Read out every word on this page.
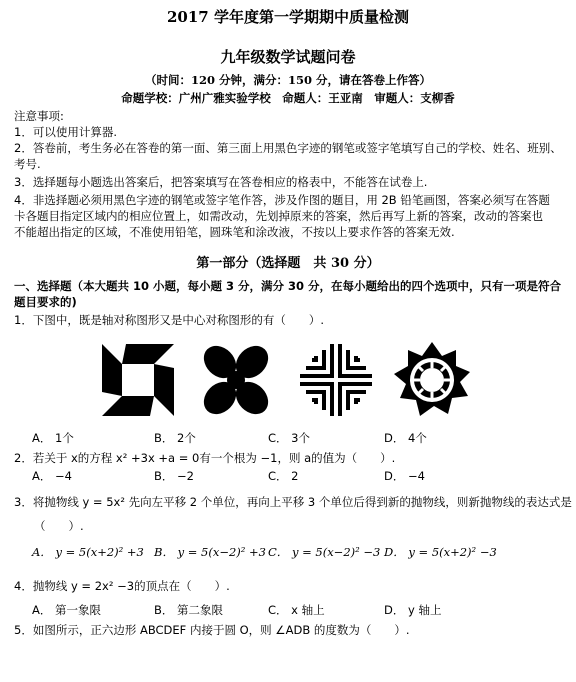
2017 学年度第一学期期中质量检测
九年级数学试题问卷
（时间：120 分钟，满分：150 分，请在答卷上作答）
命题学校：广州广雅实验学校　命题人：王亚南　审题人：支柳香
注意事项:
1．可以使用计算器.
2．答卷前，考生务必在答卷的第一面、第三面上用黑色字迹的钢笔或签字笔填写自己的学校、姓名、班别、
考号.
3．选择题每小题选出答案后，把答案填写在答卷相应的格表中，不能答在试卷上.
4．非选择题必须用黑色字迹的钢笔或签字笔作答，涉及作图的题目，用 2B 铅笔画图，答案必须写在答题
卡各题目指定区域内的相应位置上，如需改动，先划掉原来的答案，然后再写上新的答案，改动的答案也
不能超出指定的区域，不准使用铅笔，圆珠笔和涂改液，不按以上要求作答的答案无效.
第一部分（选择题　共 30 分）
一、选择题（本大题共 10 小题，每小题 3 分，满分 30 分，在每小题给出的四个选项中，只有一项是符合
题目要求的)
1．下图中，既是轴对称图形又是中心对称图形的有（　　）.
A． 1个	B． 2个	C． 3个	D． 4个
2．若关于 x的方程 x² +3x +a = 0有一个根为 −1，则 a的值为（　　）.
A． −4	B． −2	C． 2	D． −4
3．将抛物线 y = 5x² 先向左平移 2 个单位，再向上平移 3 个单位后得到新的抛物线，则新抛物线的表达式是
（　　）.
A． y = 5(x+2)² +3 B． y = 5(x−2)² +3 C． y = 5(x−2)² −3 D． y = 5(x+2)² −3
4．抛物线 y = 2x² −3的顶点在（　　）.
A． 第一象限	B． 第二象限	C． x 轴上	D． y 轴上
5．如图所示，正六边形 ABCDEF 内接于圆 O，则 ∠ADB 的度数为（　　）.
